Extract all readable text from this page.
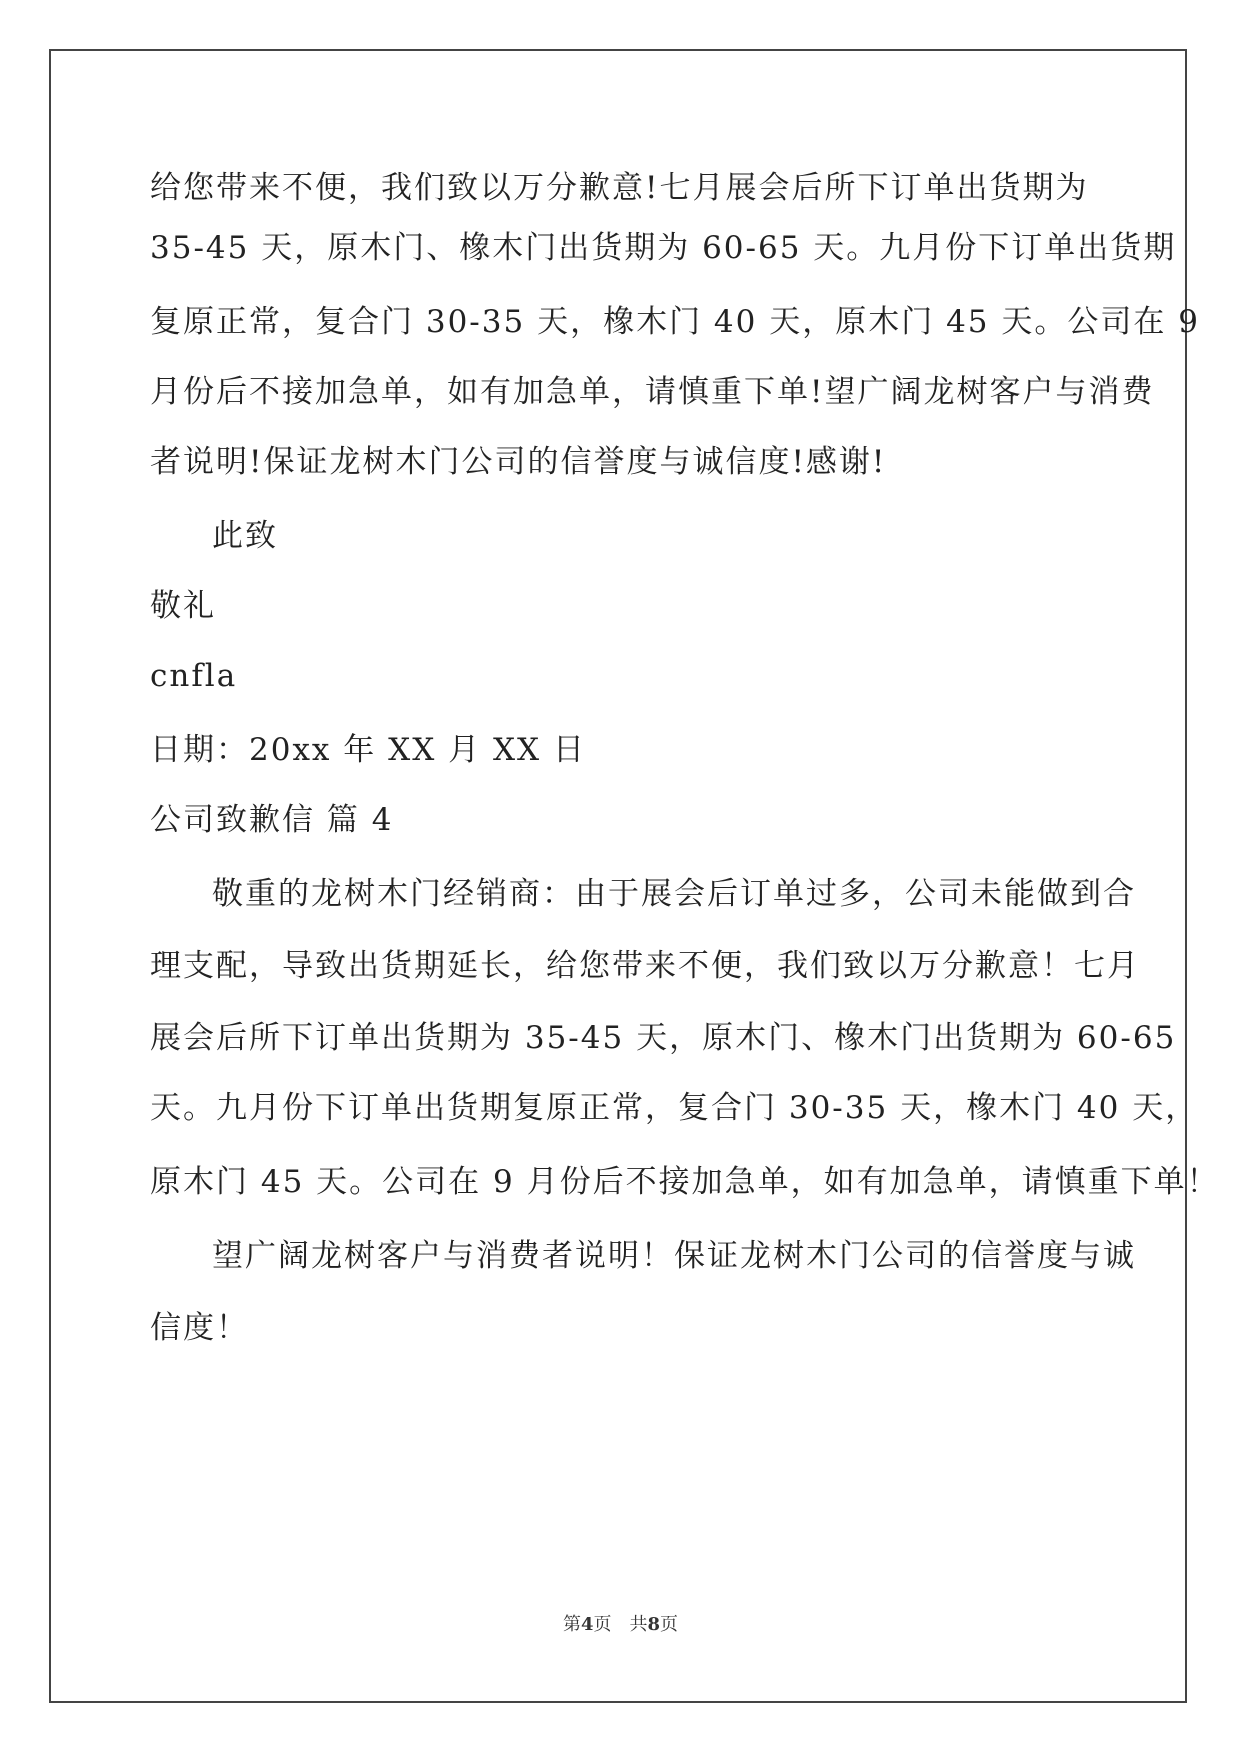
给您带来不便，我们致以万分歉意!七月展会后所下订单出货期为

35-45 天，原木门、橡木门出货期为 60-65 天。九月份下订单出货期

复原正常，复合门 30-35 天，橡木门 40 天，原木门 45 天。公司在 9

月份后不接加急单，如有加急单，请慎重下单!望广阔龙树客户与消费

者说明!保证龙树木门公司的信誉度与诚信度!感谢!

此致

敬礼

cnfla

日期：20xx 年 XX 月 XX 日

公司致歉信 篇 4

敬重的龙树木门经销商：由于展会后订单过多，公司未能做到合

理支配，导致出货期延长，给您带来不便，我们致以万分歉意！七月

展会后所下订单出货期为 35-45 天，原木门、橡木门出货期为 60-65

天。九月份下订单出货期复原正常，复合门 30-35 天，橡木门 40 天，

原木门 45 天。公司在 9 月份后不接加急单，如有加急单，请慎重下单！

望广阔龙树客户与消费者说明！保证龙树木门公司的信誉度与诚

信度！

第4页　共8页
